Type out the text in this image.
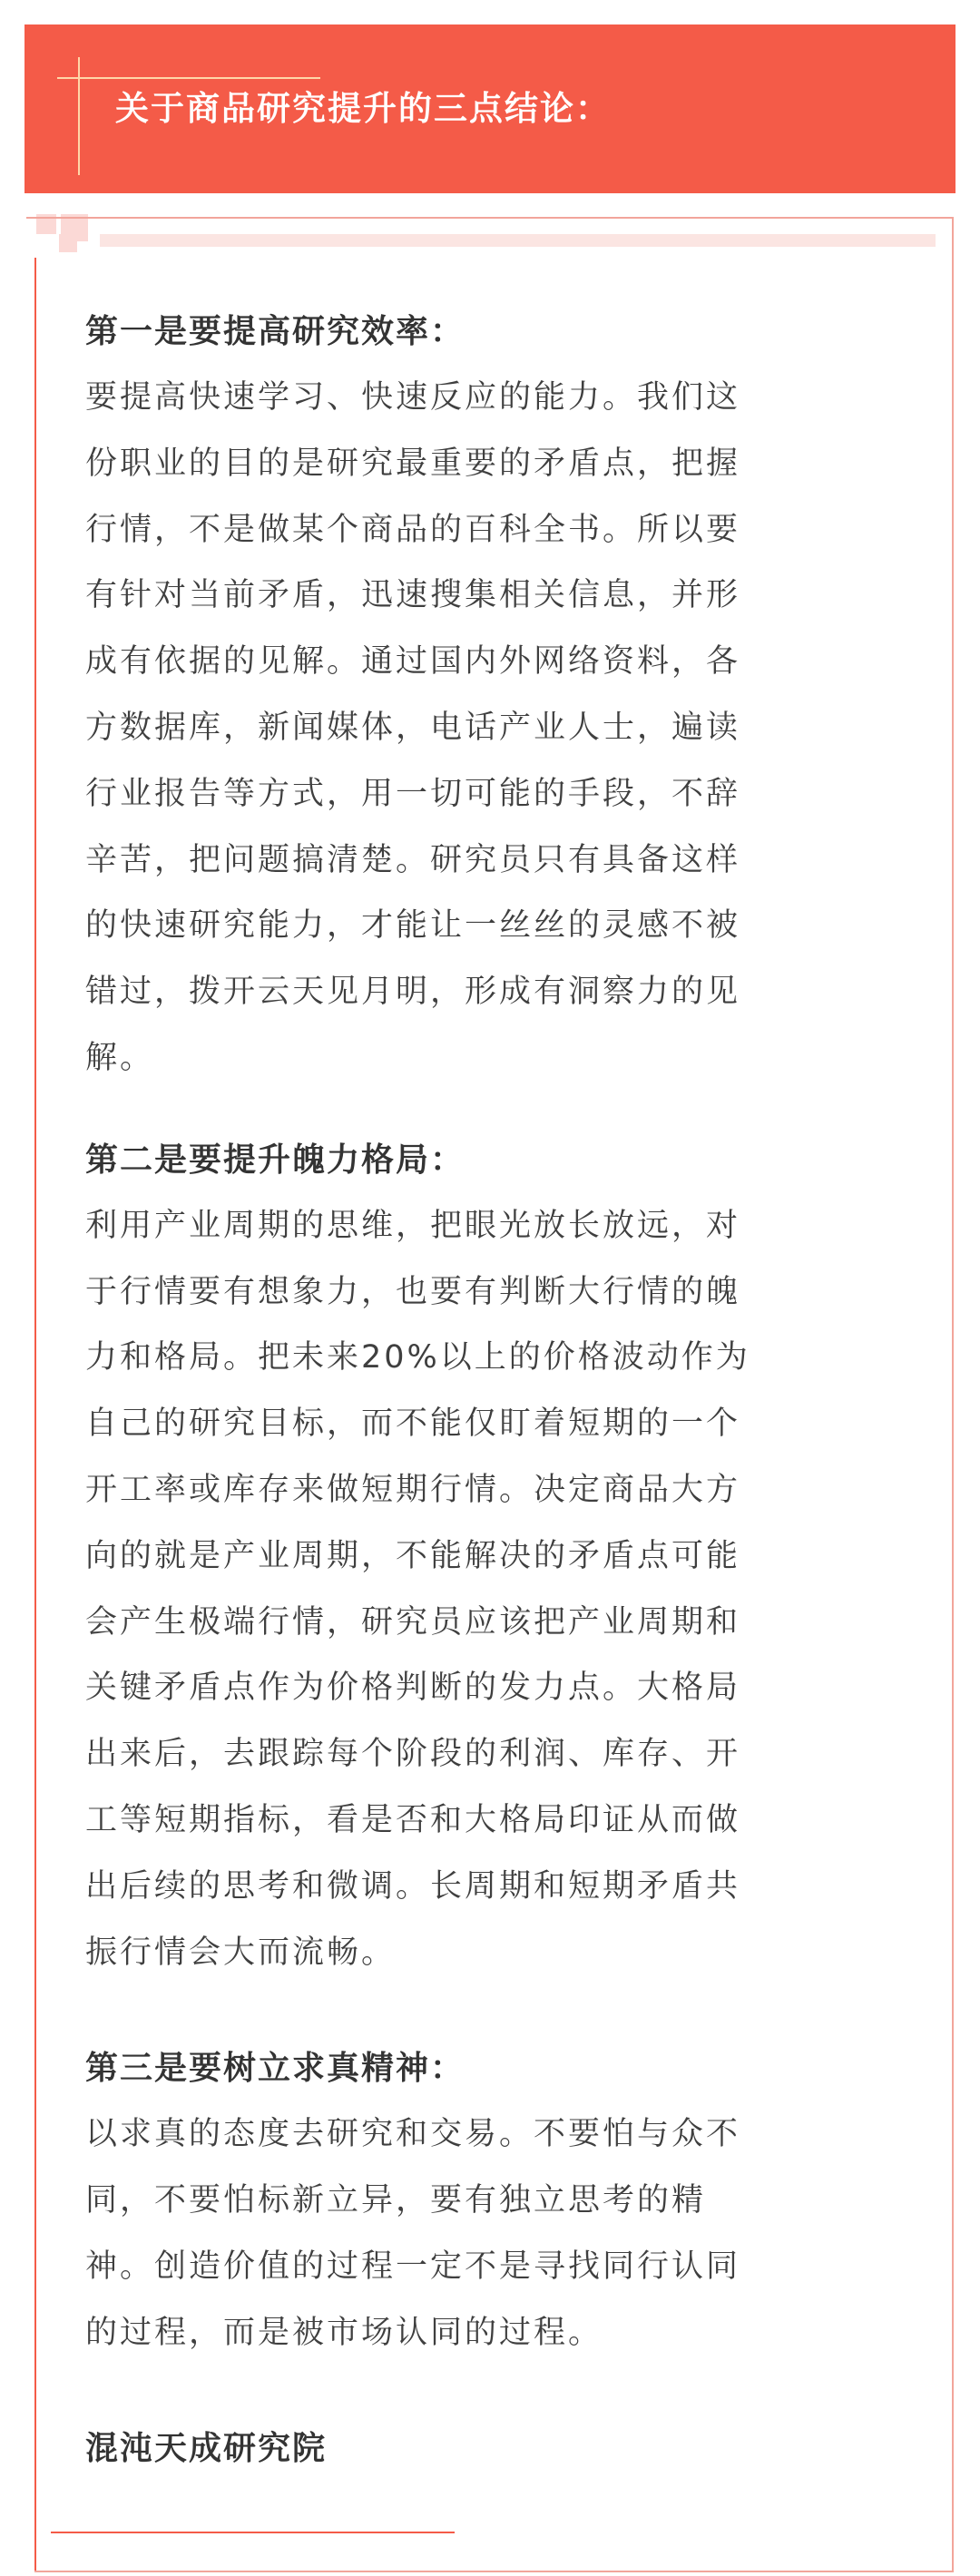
关于商品研究提升的三点结论：
第一是要提高研究效率：
要提高快速学习、快速反应的能力。我们这
份职业的目的是研究最重要的矛盾点，把握
行情，不是做某个商品的百科全书。所以要
有针对当前矛盾，迅速搜集相关信息，并形
成有依据的见解。通过国内外网络资料，各
方数据库，新闻媒体，电话产业人士，遍读
行业报告等方式，用一切可能的手段，不辞
辛苦，把问题搞清楚。研究员只有具备这样
的快速研究能力，才能让一丝丝的灵感不被
错过，拨开云天见月明，形成有洞察力的见
解。
第二是要提升魄力格局：
利用产业周期的思维，把眼光放长放远，对
于行情要有想象力，也要有判断大行情的魄
力和格局。把未来20%以上的价格波动作为
自己的研究目标，而不能仅盯着短期的一个
开工率或库存来做短期行情。决定商品大方
向的就是产业周期，不能解决的矛盾点可能
会产生极端行情，研究员应该把产业周期和
关键矛盾点作为价格判断的发力点。大格局
出来后，去跟踪每个阶段的利润、库存、开
工等短期指标，看是否和大格局印证从而做
出后续的思考和微调。长周期和短期矛盾共
振行情会大而流畅。
第三是要树立求真精神：
以求真的态度去研究和交易。不要怕与众不
同，不要怕标新立异，要有独立思考的精
神。创造价值的过程一定不是寻找同行认同
的过程，而是被市场认同的过程。
混沌天成研究院
